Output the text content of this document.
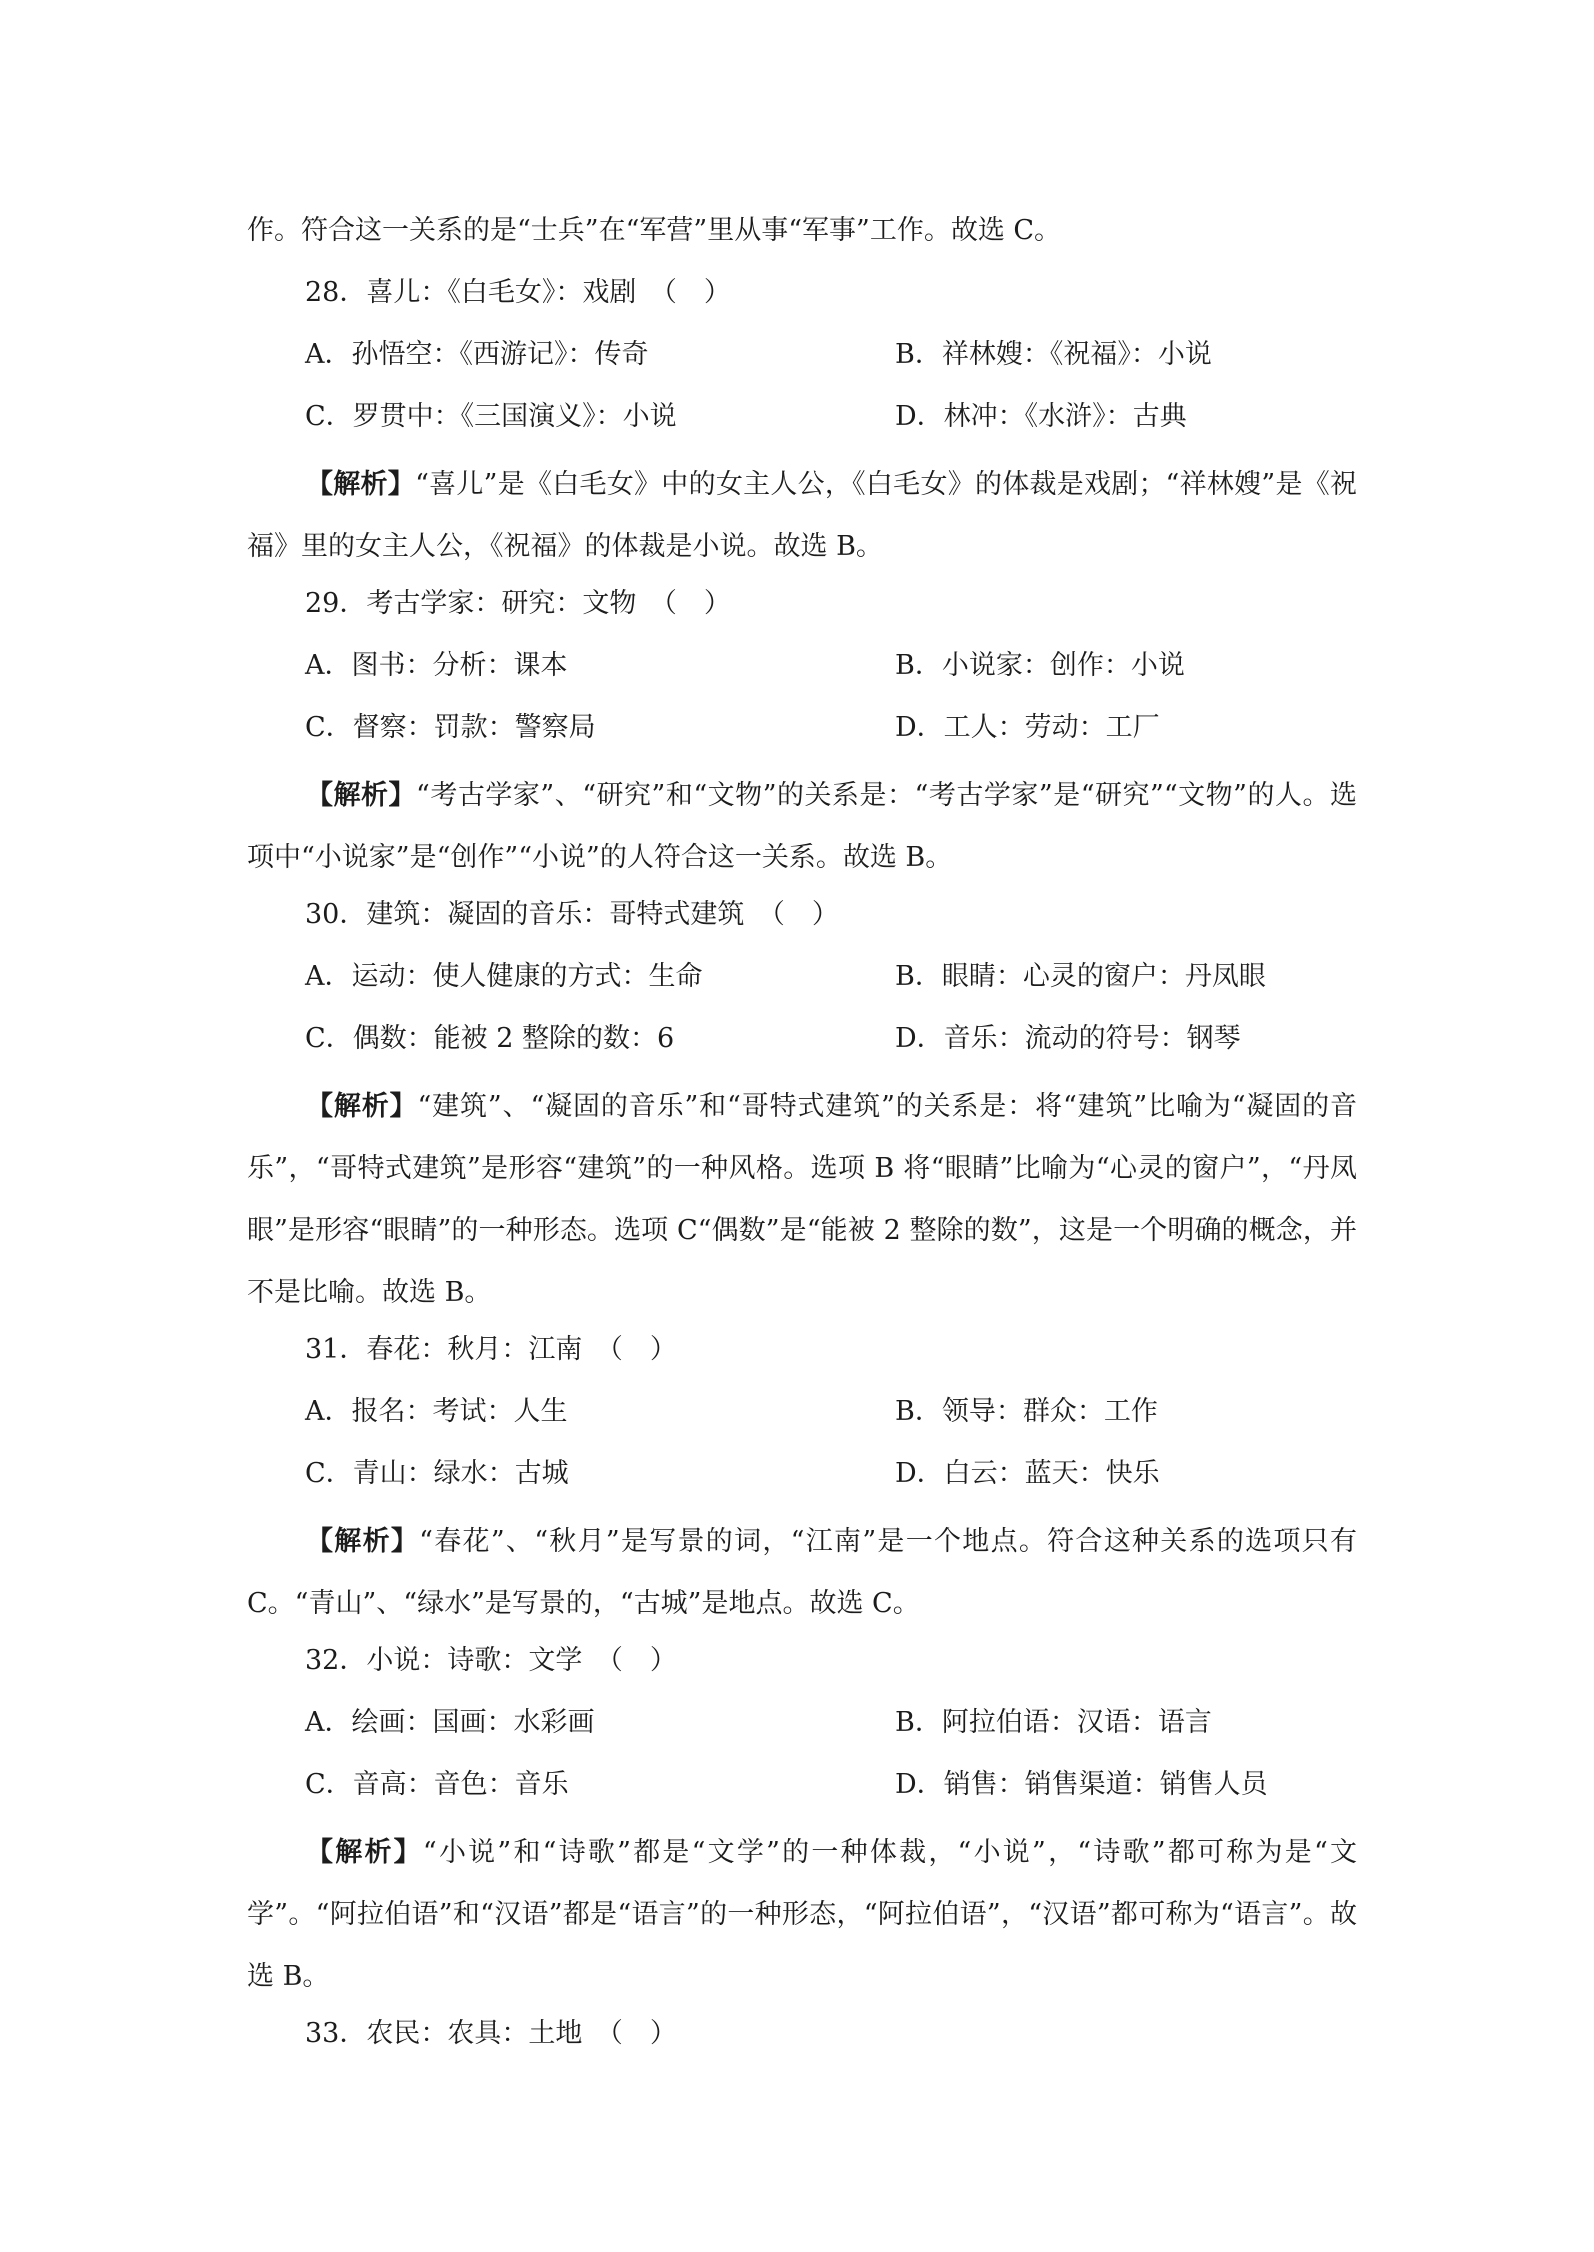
作。符合这一关系的是“士兵”在“军营”里从事“军事”工作。故选 C。

28．喜儿：《白毛女》：戏剧　（　）

A．孙悟空：《西游记》：传奇	B．祥林嫂：《祝福》：小说

C．罗贯中：《三国演义》：小说	D．林冲：《水浒》：古典

【解析】“喜儿”是《白毛女》中的女主人公，《白毛女》的体裁是戏剧；“祥林嫂”是《祝福》里的女主人公，《祝福》的体裁是小说。故选 B。

29．考古学家：研究：文物　（　）

A．图书：分析：课本	B．小说家：创作：小说

C．督察：罚款：警察局	D．工人：劳动：工厂

【解析】“考古学家”、“研究”和“文物”的关系是：“考古学家”是“研究”“文物”的人。选项中“小说家”是“创作”“小说”的人符合这一关系。故选 B。

30．建筑：凝固的音乐：哥特式建筑　（　）

A．运动：使人健康的方式：生命	B．眼睛：心灵的窗户：丹凤眼

C．偶数：能被 2 整除的数：6	D．音乐：流动的符号：钢琴

【解析】“建筑”、“凝固的音乐”和“哥特式建筑”的关系是：将“建筑”比喻为“凝固的音乐”，“哥特式建筑”是形容“建筑”的一种风格。选项 B 将“眼睛”比喻为“心灵的窗户”，“丹凤眼”是形容“眼睛”的一种形态。选项 C“偶数”是“能被 2 整除的数”，这是一个明确的概念，并不是比喻。故选 B。

31．春花：秋月：江南　（　）

A．报名：考试：人生	B．领导：群众：工作

C．青山：绿水：古城	D．白云：蓝天：快乐

【解析】“春花”、“秋月”是写景的词，“江南”是一个地点。符合这种关系的选项只有 C。“青山”、“绿水”是写景的，“古城”是地点。故选 C。

32．小说：诗歌：文学　（　）

A．绘画：国画：水彩画	B．阿拉伯语：汉语：语言

C．音高：音色：音乐	D．销售：销售渠道：销售人员

【解析】“小说”和“诗歌”都是“文学”的一种体裁，“小说”，“诗歌”都可称为是“文学”。“阿拉伯语”和“汉语”都是“语言”的一种形态，“阿拉伯语”，“汉语”都可称为“语言”。故选 B。

33．农民：农具：土地　（　）
